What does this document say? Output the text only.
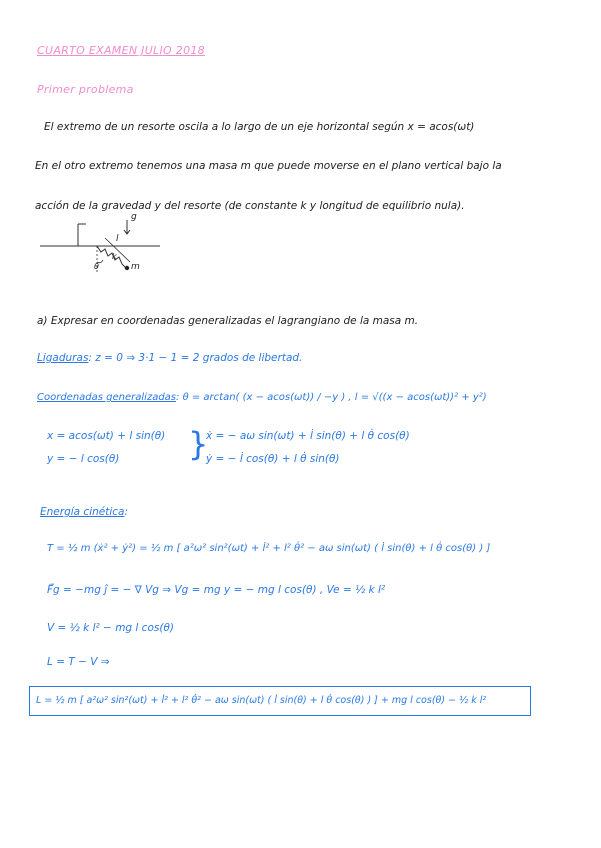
CUARTO EXAMEN JULIO 2018
Primer problema
El extremo de un resorte oscila a lo largo de un eje horizontal según x = acos(ωt)
En el otro extremo tenemos una masa m que puede moverse en el plano vertical bajo la
acción de la gravedad y del resorte (de constante k y longitud de equilibrio nula).
g
l
k
θ	m
a) Expresar en coordenadas generalizadas el lagrangiano de la masa m.
Ligaduras: z = 0 ⇒ 3·1 − 1 = 2 grados de libertad.
Coordenadas generalizadas: θ = arctan( (x − acos(ωt)) / −y ) , l = √((x − acos(ωt))² + y²)
x = acos(ωt) + l sin(θ)
y = − l cos(θ) }
ẋ = − aω sin(ωt) + l̇ sin(θ) + l θ̇ cos(θ)
ẏ = − l̇ cos(θ) + l θ̇ sin(θ)
Energía cinética:
T = ½ m (ẋ² + ẏ²) = ½ m [ a²ω² sin²(ωt) + l̇² + l² θ̇² − aω sin(ωt) ( l̇ sin(θ) + l θ̇ cos(θ) ) ]
F⃗g = −mg ĵ = − ∇ Vg ⇒ Vg = mg y = − mg l cos(θ) , Ve = ½ k l²
V = ½ k l² − mg l cos(θ)
L = T − V ⇒
L = ½ m [ a²ω² sin²(ωt) + l̇² + l² θ̇² − aω sin(ωt) ( l̇ sin(θ) + l θ̇ cos(θ) ) ] + mg l cos(θ) − ½ k l²
